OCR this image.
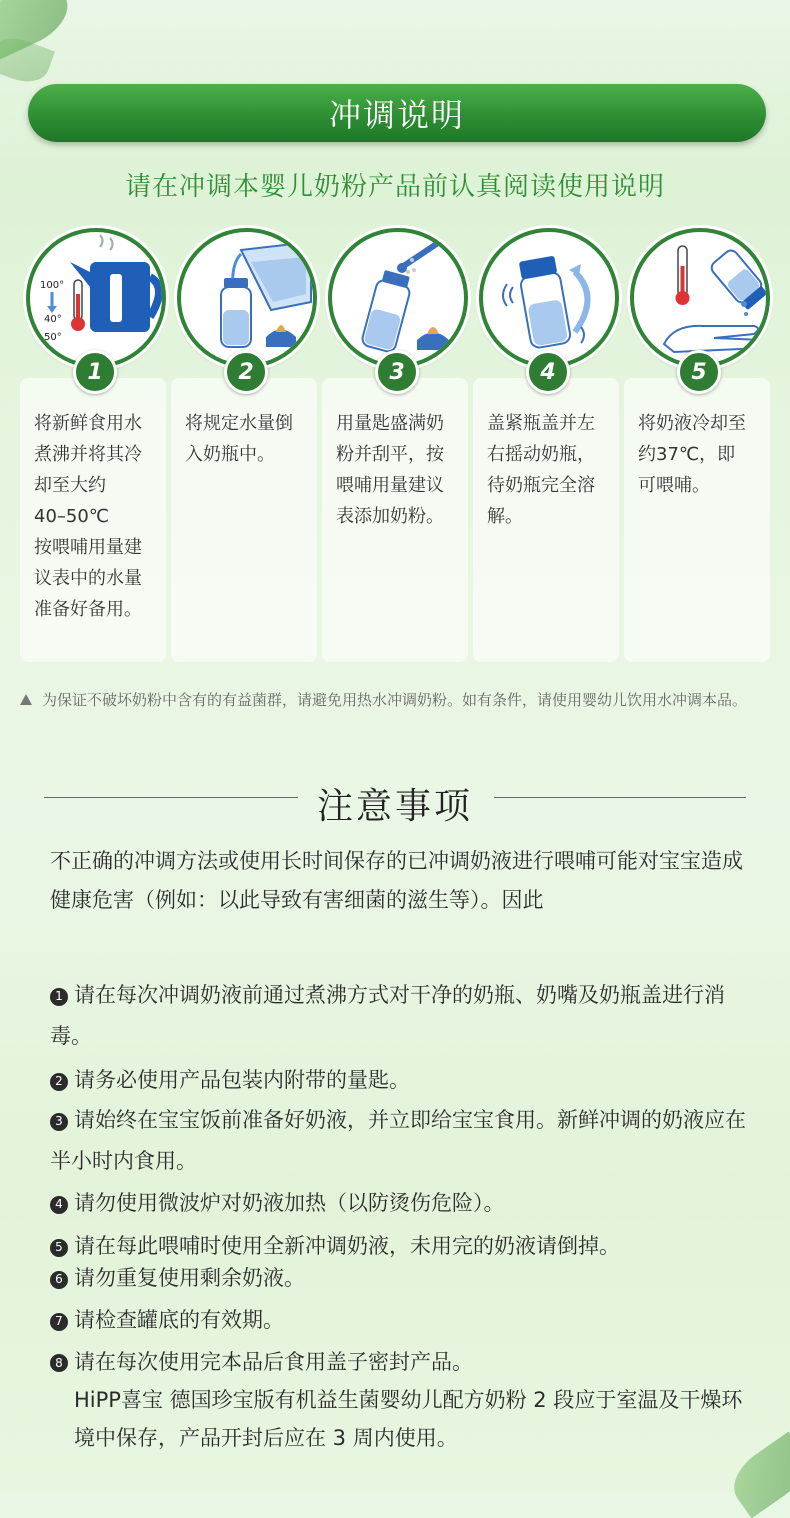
冲调说明
请在冲调本婴儿奶粉产品前认真阅读使用说明
100°
40°
50°
1

将新鲜食用水
煮沸并将其冷
却至大约
40–50℃
按喂哺用量建
议表中的水量
准备好备用。

2

将规定水量倒
入奶瓶中。

3

用量匙盛满奶
粉并刮平，按
喂哺用量建议
表添加奶粉。

4

盖紧瓶盖并左
右摇动奶瓶，
待奶瓶完全溶
解。

5

将奶液冷却至
约37℃，即
可喂哺。

为保证不破坏奶粉中含有的有益菌群，请避免用热水冲调奶粉。如有条件，请使用婴幼儿饮用水冲调本品。
注意事项
不正确的冲调方法或使用长时间保存的已冲调奶液进行喂哺可能对宝宝造成健康危害（例如：以此导致有害细菌的滋生等）。因此
1 请在每次冲调奶液前通过煮沸方式对干净的奶瓶、奶嘴及奶瓶盖进行消毒。
2 请务必使用产品包装内附带的量匙。
3 请始终在宝宝饭前准备好奶液，并立即给宝宝食用。新鲜冲调的奶液应在半小时内食用。
4 请勿使用微波炉对奶液加热（以防烫伤危险）。
5 请在每此喂哺时使用全新冲调奶液，未用完的奶液请倒掉。
6 请勿重复使用剩余奶液。
7 请检查罐底的有效期。
8 请在每次使用完本品后食用盖子密封产品。
HiPP喜宝 德国珍宝版有机益生菌婴幼儿配方奶粉 2 段应于室温及干燥环境中保存，产品开封后应在 3 周内使用。
